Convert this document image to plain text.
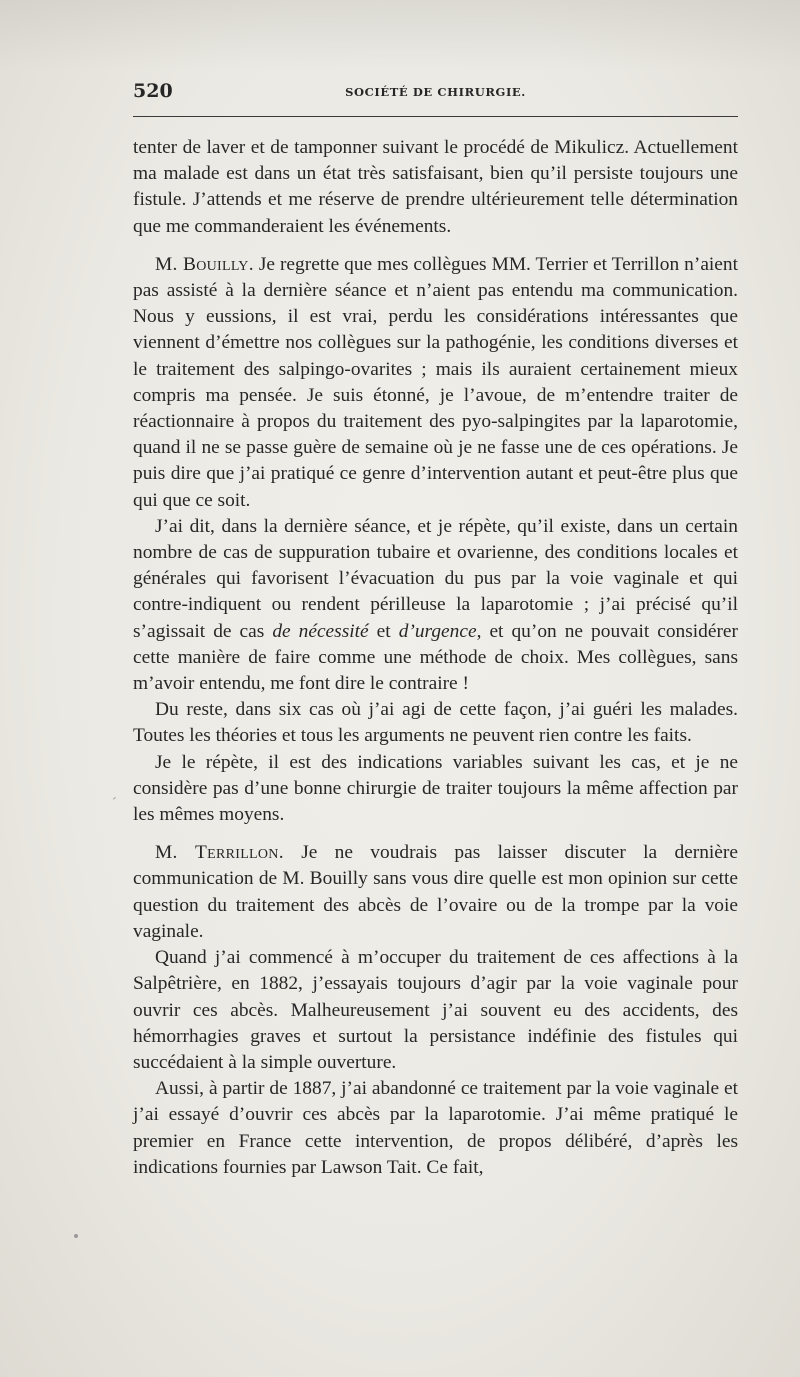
520	SOCIÉTÉ DE CHIRURGIE.

tenter de laver et de tamponner suivant le procédé de Mikulicz. Actuellement ma malade est dans un état très satisfaisant, bien qu’il persiste toujours une fistule. J’attends et me réserve de prendre ultérieurement telle détermination que me commanderaient les événements.

M. Bouilly. Je regrette que mes collègues MM. Terrier et Terrillon n’aient pas assisté à la dernière séance et n’aient pas entendu ma communication. Nous y eussions, il est vrai, perdu les considérations intéressantes que viennent d’émettre nos collègues sur la pathogénie, les conditions diverses et le traitement des salpingo-ovarites ; mais ils auraient certainement mieux compris ma pensée. Je suis étonné, je l’avoue, de m’entendre traiter de réactionnaire à propos du traitement des pyo-salpingites par la laparotomie, quand il ne se passe guère de semaine où je ne fasse une de ces opérations. Je puis dire que j’ai pratiqué ce genre d’intervention autant et peut-être plus que qui que ce soit.

J’ai dit, dans la dernière séance, et je répète, qu’il existe, dans un certain nombre de cas de suppuration tubaire et ovarienne, des conditions locales et générales qui favorisent l’évacuation du pus par la voie vaginale et qui contre-indiquent ou rendent périlleuse la laparotomie ; j’ai précisé qu’il s’agissait de cas de nécessité et d’urgence, et qu’on ne pouvait considérer cette manière de faire comme une méthode de choix. Mes collègues, sans m’avoir entendu, me font dire le contraire !

Du reste, dans six cas où j’ai agi de cette façon, j’ai guéri les malades. Toutes les théories et tous les arguments ne peuvent rien contre les faits.

Je le répète, il est des indications variables suivant les cas, et je ne considère pas d’une bonne chirurgie de traiter toujours la même affection par les mêmes moyens.

M. Terrillon. Je ne voudrais pas laisser discuter la dernière communication de M. Bouilly sans vous dire quelle est mon opinion sur cette question du traitement des abcès de l’ovaire ou de la trompe par la voie vaginale.

Quand j’ai commencé à m’occuper du traitement de ces affections à la Salpêtrière, en 1882, j’essayais toujours d’agir par la voie vaginale pour ouvrir ces abcès. Malheureusement j’ai souvent eu des accidents, des hémorrhagies graves et surtout la persistance indéfinie des fistules qui succédaient à la simple ouverture.

Aussi, à partir de 1887, j’ai abandonné ce traitement par la voie vaginale et j’ai essayé d’ouvrir ces abcès par la laparotomie. J’ai même pratiqué le premier en France cette intervention, de propos délibéré, d’après les indications fournies par Lawson Tait. Ce fait,

ˊ
